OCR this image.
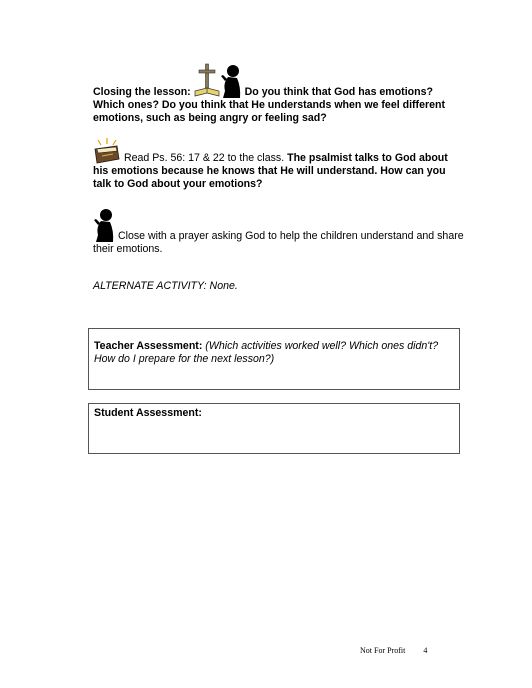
Closing the lesson:	Do you think that God has emotions? Which ones? Do you think that He understands when we feel different emotions, such as being angry or feeling sad?
Read Ps. 56: 17 & 22 to the class. The psalmist talks to God about his emotions because he knows that He will understand. How can you talk to God about your emotions?
Close with a prayer asking God to help the children understand and share their emotions.
ALTERNATE ACTIVITY: None.
Teacher Assessment: (Which activities worked well? Which ones didn't? How do I prepare for the next lesson?)
Student Assessment:
Not For Profit 4
